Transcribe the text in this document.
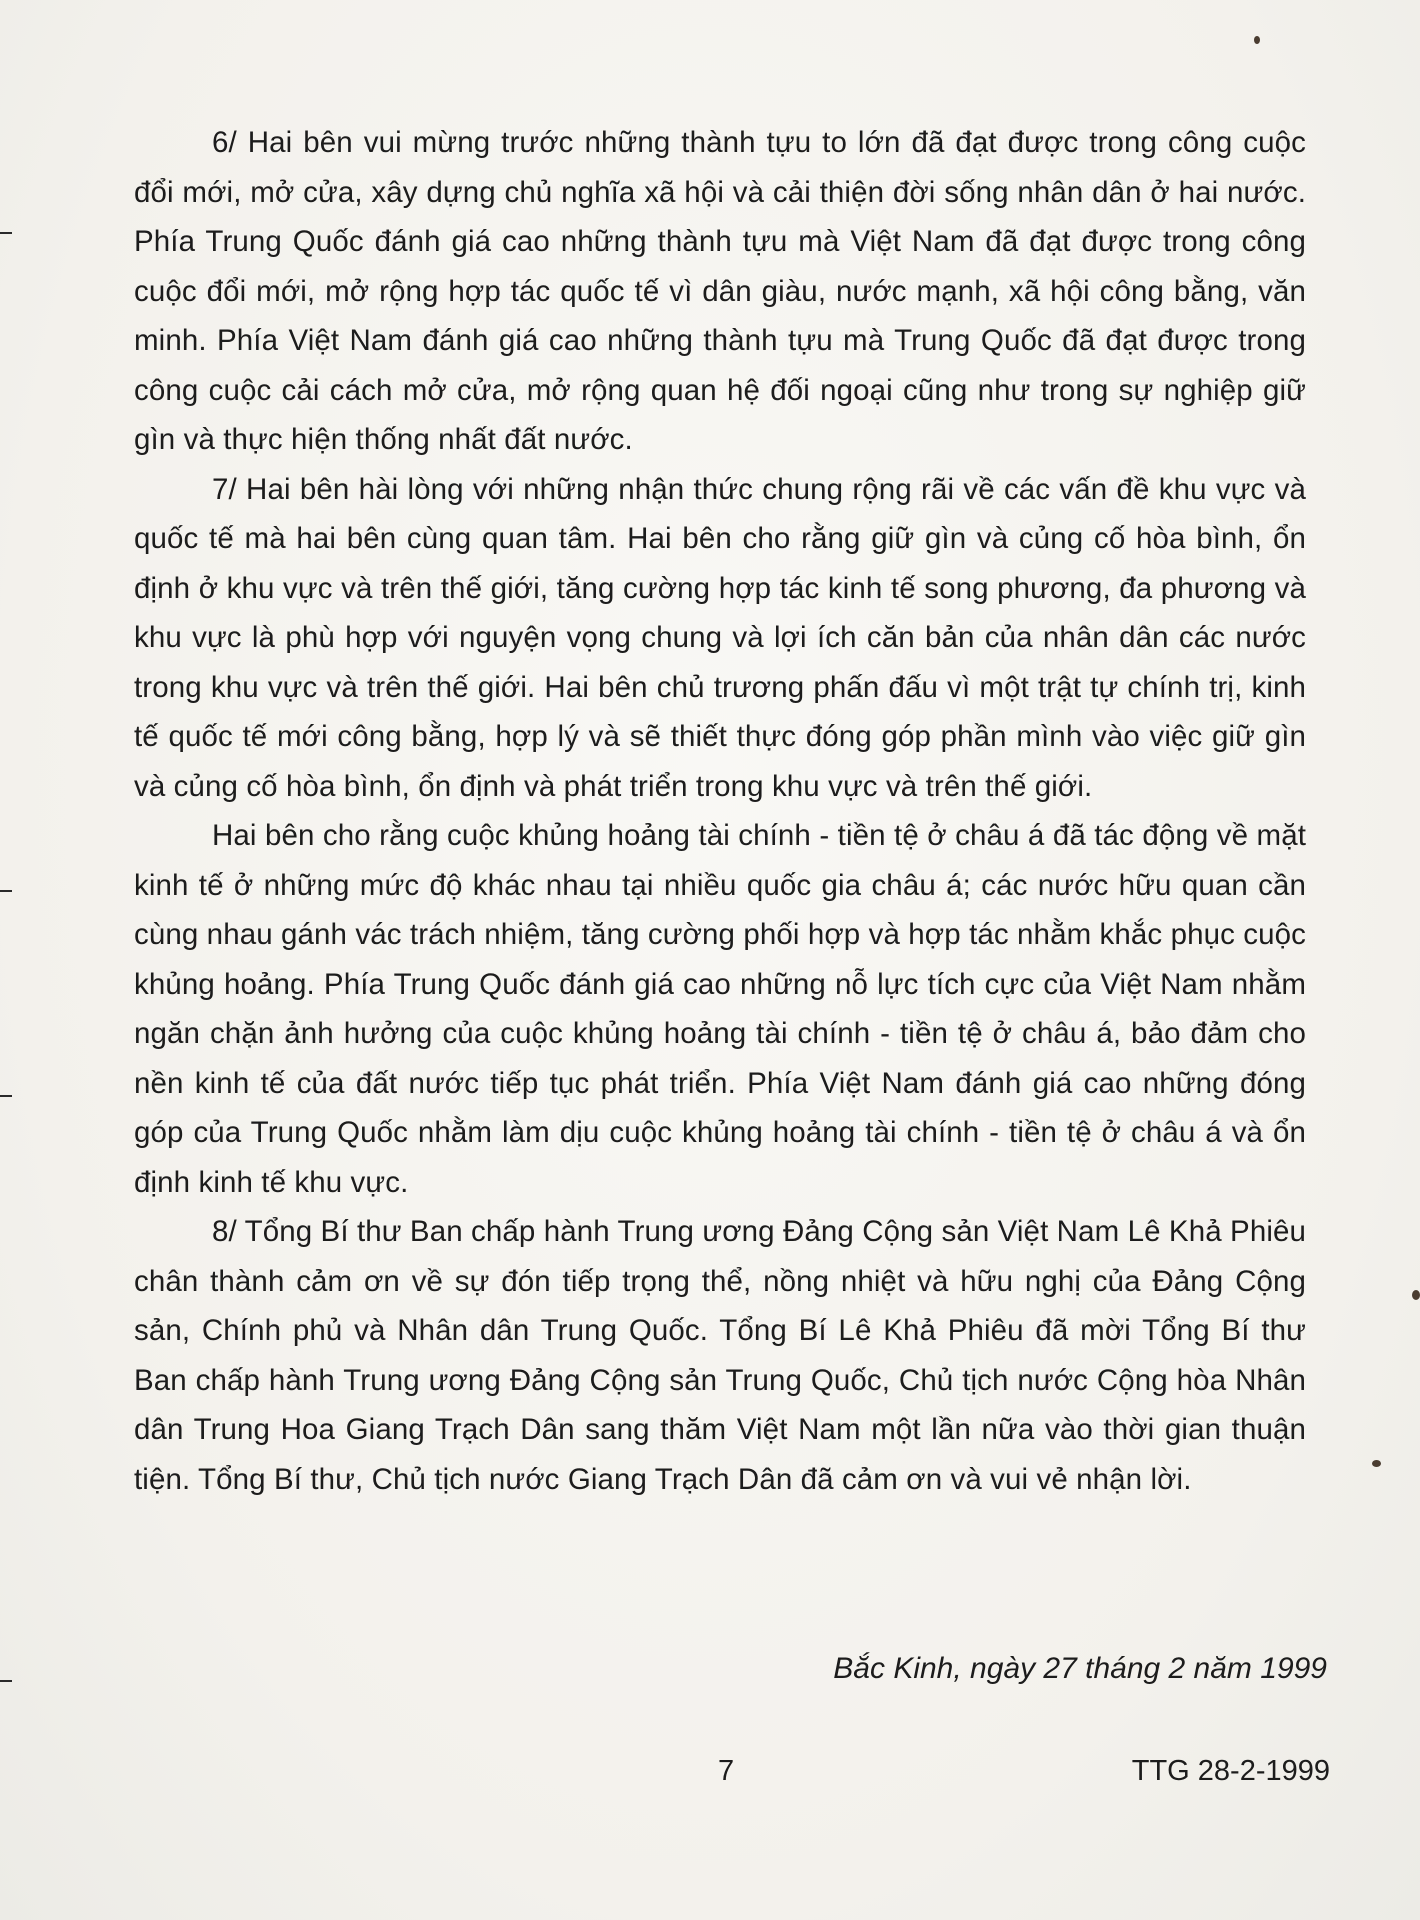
6/ Hai bên vui mừng trước những thành tựu to lớn đã đạt được trong công cuộc đổi mới, mở cửa, xây dựng chủ nghĩa xã hội và cải thiện đời sống nhân dân ở hai nước. Phía Trung Quốc đánh giá cao những thành tựu mà Việt Nam đã đạt được trong công cuộc đổi mới, mở rộng hợp tác quốc tế vì dân giàu, nước mạnh, xã hội công bằng, văn minh. Phía Việt Nam đánh giá cao những thành tựu mà Trung Quốc đã đạt được trong công cuộc cải cách mở cửa, mở rộng quan hệ đối ngoại cũng như trong sự nghiệp giữ gìn và thực hiện thống nhất đất nước.

7/ Hai bên hài lòng với những nhận thức chung rộng rãi về các vấn đề khu vực và quốc tế mà hai bên cùng quan tâm. Hai bên cho rằng giữ gìn và củng cố hòa bình, ổn định ở khu vực và trên thế giới, tăng cường hợp tác kinh tế song phương, đa phương và khu vực là phù hợp với nguyện vọng chung và lợi ích căn bản của nhân dân các nước trong khu vực và trên thế giới. Hai bên chủ trương phấn đấu vì một trật tự chính trị, kinh tế quốc tế mới công bằng, hợp lý và sẽ thiết thực đóng góp phần mình vào việc giữ gìn và củng cố hòa bình, ổn định và phát triển trong khu vực và trên thế giới.

Hai bên cho rằng cuộc khủng hoảng tài chính - tiền tệ ở châu á đã tác động về mặt kinh tế ở những mức độ khác nhau tại nhiều quốc gia châu á; các nước hữu quan cần cùng nhau gánh vác trách nhiệm, tăng cường phối hợp và hợp tác nhằm khắc phục cuộc khủng hoảng. Phía Trung Quốc đánh giá cao những nỗ lực tích cực của Việt Nam nhằm ngăn chặn ảnh hưởng của cuộc khủng hoảng tài chính - tiền tệ ở châu á, bảo đảm cho nền kinh tế của đất nước tiếp tục phát triển. Phía Việt Nam đánh giá cao những đóng góp của Trung Quốc nhằm làm dịu cuộc khủng hoảng tài chính - tiền tệ ở châu á và ổn định kinh tế khu vực.

8/ Tổng Bí thư Ban chấp hành Trung ương Đảng Cộng sản Việt Nam Lê Khả Phiêu chân thành cảm ơn về sự đón tiếp trọng thể, nồng nhiệt và hữu nghị của Đảng Cộng sản, Chính phủ và Nhân dân Trung Quốc. Tổng Bí Lê Khả Phiêu đã mời Tổng Bí thư Ban chấp hành Trung ương Đảng Cộng sản Trung Quốc, Chủ tịch nước Cộng hòa Nhân dân Trung Hoa Giang Trạch Dân sang thăm Việt Nam một lần nữa vào thời gian thuận tiện. Tổng Bí thư, Chủ tịch nước Giang Trạch Dân đã cảm ơn và vui vẻ nhận lời.

Bắc Kinh, ngày 27 tháng 2 năm 1999
7	TTG 28-2-1999
